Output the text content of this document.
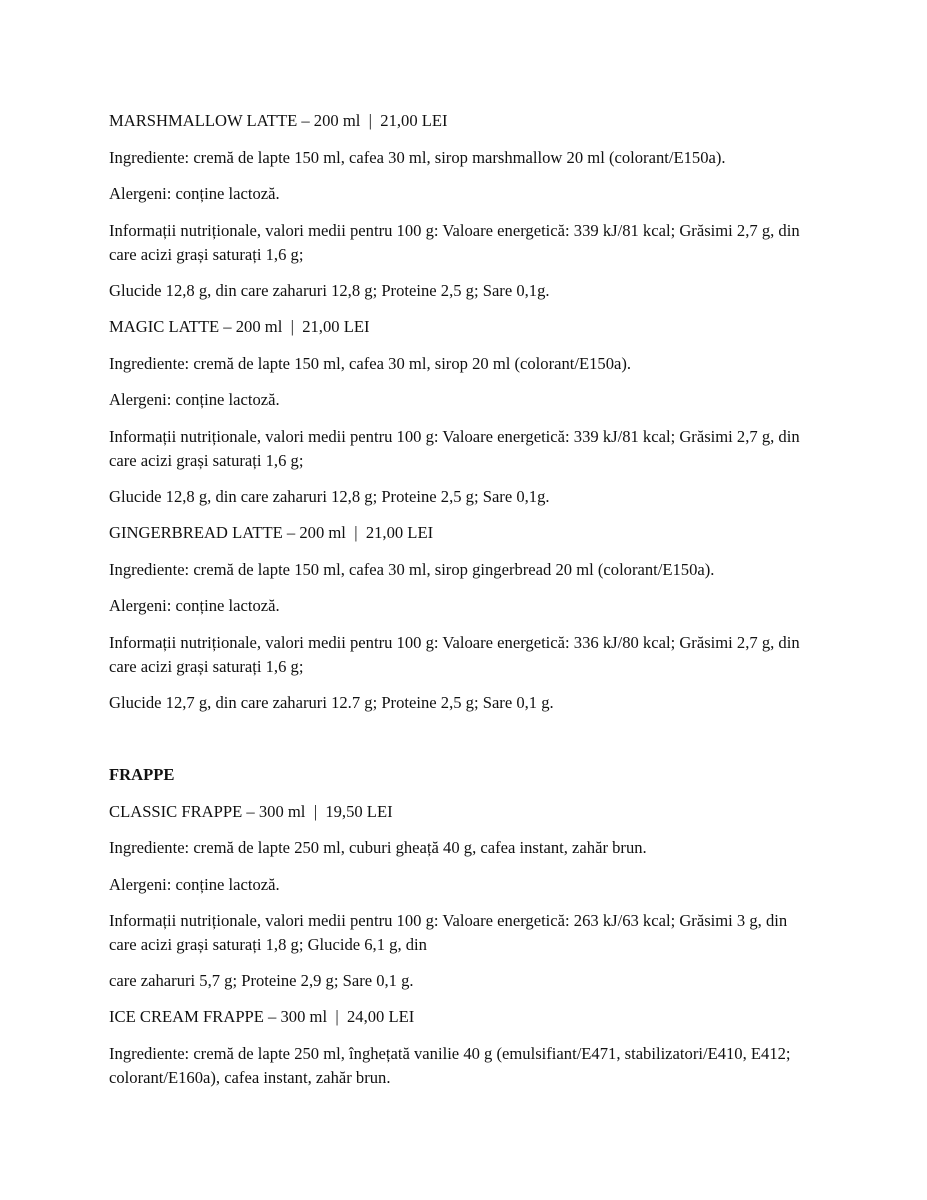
MARSHMALLOW LATTE – 200 ml  |  21,00 LEI

Ingrediente: cremă de lapte 150 ml, cafea 30 ml, sirop marshmallow 20 ml (colorant/E150a).

Alergeni: conține lactoză.

Informații nutriționale, valori medii pentru 100 g: Valoare energetică: 339 kJ/81 kcal; Grăsimi 2,7 g, din care acizi grași saturați 1,6 g;

Glucide 12,8 g, din care zaharuri 12,8 g; Proteine 2,5 g; Sare 0,1g.

MAGIC LATTE – 200 ml  |  21,00 LEI

Ingrediente: cremă de lapte 150 ml, cafea 30 ml, sirop 20 ml (colorant/E150a).

Alergeni: conține lactoză.

Informații nutriționale, valori medii pentru 100 g: Valoare energetică: 339 kJ/81 kcal; Grăsimi 2,7 g, din care acizi grași saturați 1,6 g;

Glucide 12,8 g, din care zaharuri 12,8 g; Proteine 2,5 g; Sare 0,1g.

GINGERBREAD LATTE – 200 ml  |  21,00 LEI

Ingrediente: cremă de lapte 150 ml, cafea 30 ml, sirop gingerbread 20 ml (colorant/E150a).

Alergeni: conține lactoză.

Informații nutriționale, valori medii pentru 100 g: Valoare energetică: 336 kJ/80 kcal; Grăsimi 2,7 g, din care acizi grași saturați 1,6 g;

Glucide 12,7 g, din care zaharuri 12.7 g; Proteine 2,5 g; Sare 0,1 g.

FRAPPE

CLASSIC FRAPPE – 300 ml  |  19,50 LEI

Ingrediente: cremă de lapte 250 ml, cuburi gheață 40 g, cafea instant, zahăr brun.

Alergeni: conține lactoză.

Informații nutriționale, valori medii pentru 100 g: Valoare energetică: 263 kJ/63 kcal; Grăsimi 3 g, din care acizi grași saturați 1,8 g; Glucide 6,1 g, din

care zaharuri 5,7 g; Proteine 2,9 g; Sare 0,1 g.

ICE CREAM FRAPPE – 300 ml  |  24,00 LEI

Ingrediente: cremă de lapte 250 ml, înghețată vanilie 40 g (emulsifiant/E471, stabilizatori/E410, E412; colorant/E160a), cafea instant, zahăr brun.
